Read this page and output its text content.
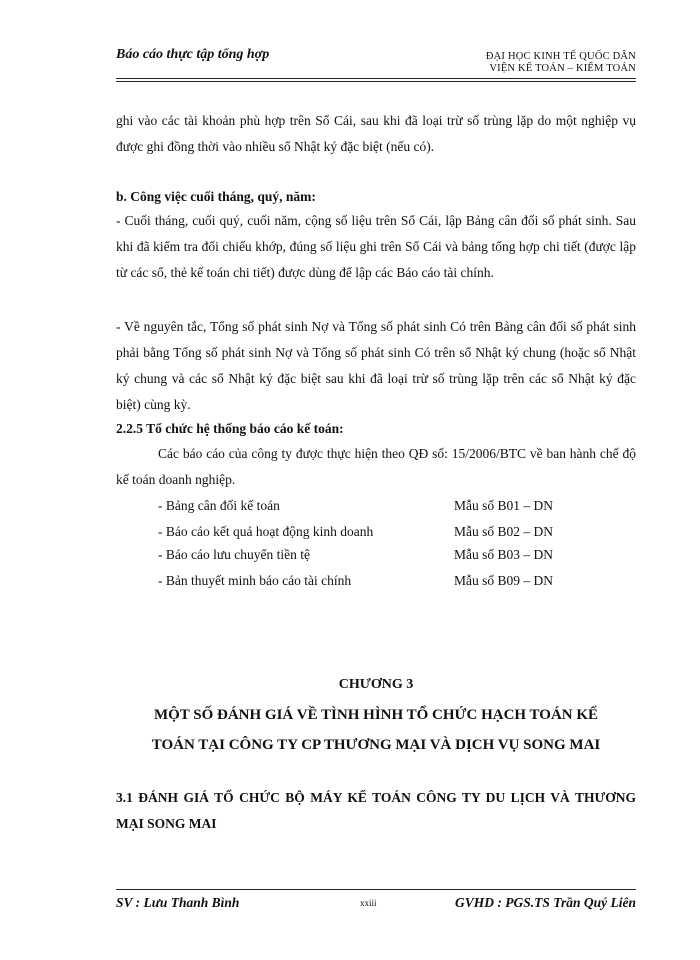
Báo cáo thực tập tổng hợp	ĐẠI HỌC KINH TẾ QUỐC DÂN
VIỆN KẾ TOÁN – KIỂM TOÁN

ghi vào các tài khoản phù hợp trên Sổ Cái, sau khi đã loại trừ số trùng lặp do một nghiệp vụ được ghi đồng thời vào nhiều sổ Nhật ký đặc biệt (nếu có).

b. Công việc cuối tháng, quý, năm:

- Cuối tháng, cuối quý, cuối năm, cộng số liệu trên Sổ Cái, lập Bảng cân đối số phát sinh. Sau khi đã kiểm tra đối chiếu khớp, đúng số liệu ghi trên Sổ Cái và bảng tổng hợp chi tiết (được lập từ các sổ, thẻ kế toán chi tiết) được dùng để lập các Báo cáo tài chính.

- Về nguyên tắc, Tổng số phát sinh Nợ và Tổng số phát sinh Có trên Bảng cân đối số phát sinh phải bằng Tổng số phát sinh Nợ và Tổng số phát sinh Có trên sổ Nhật ký chung (hoặc sổ Nhật ký chung và các sổ Nhật ký đặc biệt sau khi đã loại trừ số trùng lặp trên các sổ Nhật ký đặc biệt) cùng kỳ.

2.2.5 Tổ chức hệ thống báo cáo kế toán:

Các báo cáo của công ty được thực hiện theo QĐ số: 15/2006/BTC về ban hành chế độ kế toán doanh nghiệp.

- Bảng cân đối kế toán	Mẫu số B01 – DN
- Báo cáo kết quả hoạt động kinh doanh	Mẫu số B02 – DN
- Báo cáo lưu chuyển tiền tệ	Mẫu số B03 – DN
- Bản thuyết minh báo cáo tài chính	Mẫu số B09 – DN

CHƯƠNG 3

MỘT SỐ ĐÁNH GIÁ VỀ TÌNH HÌNH TỔ CHỨC HẠCH TOÁN KẾ

TOÁN TẠI CÔNG TY CP THƯƠNG MẠI VÀ DỊCH VỤ SONG MAI

3.1 ĐÁNH GIÁ TỔ CHỨC BỘ MÁY KẾ TOÁN CÔNG TY DU LỊCH VÀ THƯƠNG MẠI SONG MAI

SV : Lưu Thanh Bình	xxiii	GVHD : PGS.TS Trần Quý Liên
